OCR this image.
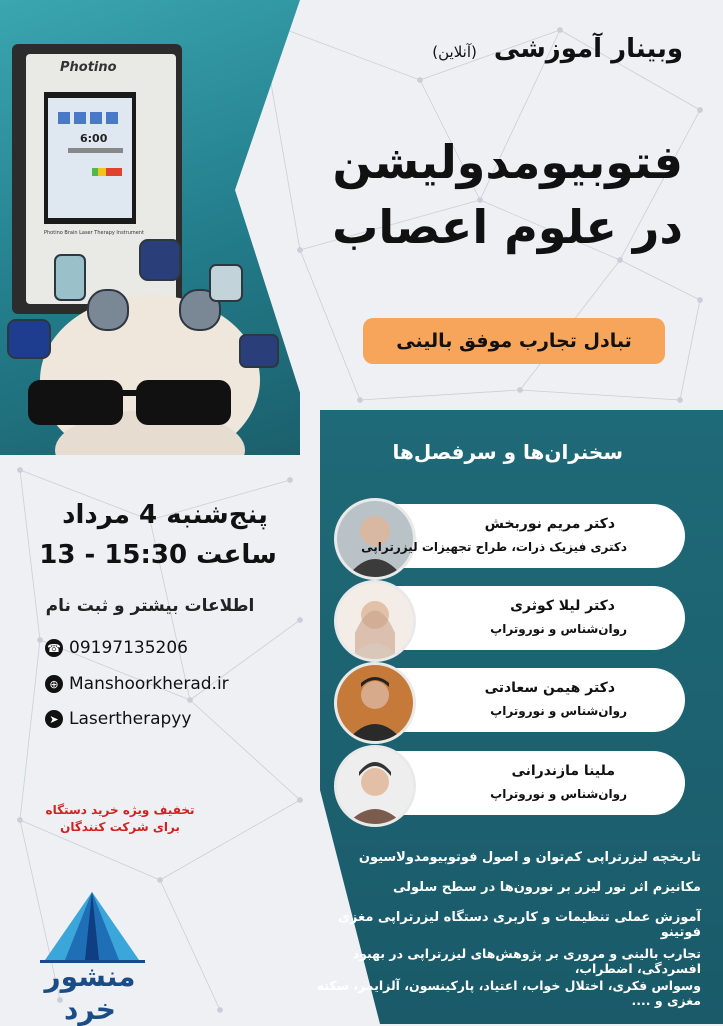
Photino
6:00
Photino Brain Laser Therapy Instrument
وبینار آموزشی (آنلاین)
فتوبیومدولیشن
در علوم اعصاب
تبادل تجارب موفق بالینی
سخنران‌ها و سرفصل‌ها
دکتر مریم نوربخش
دکتری فیزیک ذرات، طراح تجهیزات لیزرتراپی
دکتر لیلا کوثری
روان‌شناس و نوروتراپ
دکتر هیمن سعادتی
روان‌شناس و نوروتراپ
ملینا مازندرانی
روان‌شناس و نوروتراپ
تاریخچه لیزرتراپی کم‌توان و اصول فوتوبیومدولاسیون
مکانیزم اثر نور لیزر بر نورون‌ها در سطح سلولی
آموزش عملی تنظیمات و کاربری دستگاه لیزرتراپی مغزی فوتینو
تجارب بالینی و مروری بر پژوهش‌های لیزرتراپی در بهبود افسردگی، اضطراب،
وسواس فکری، اختلال خواب، اعتیاد، پارکینسون، آلزایمر، سکته مغزی و ....
پنج‌شنبه 4 مرداد
ساعت 15:30 - 13
اطلاعات بیشتر و ثبت نام
☎ 09197135206
⊕ Manshoorkherad.ir
➤ Lasertherapyy
تخفیف ویژه خرید دستگاه
برای شرکت کنندگان
منشور خرد
